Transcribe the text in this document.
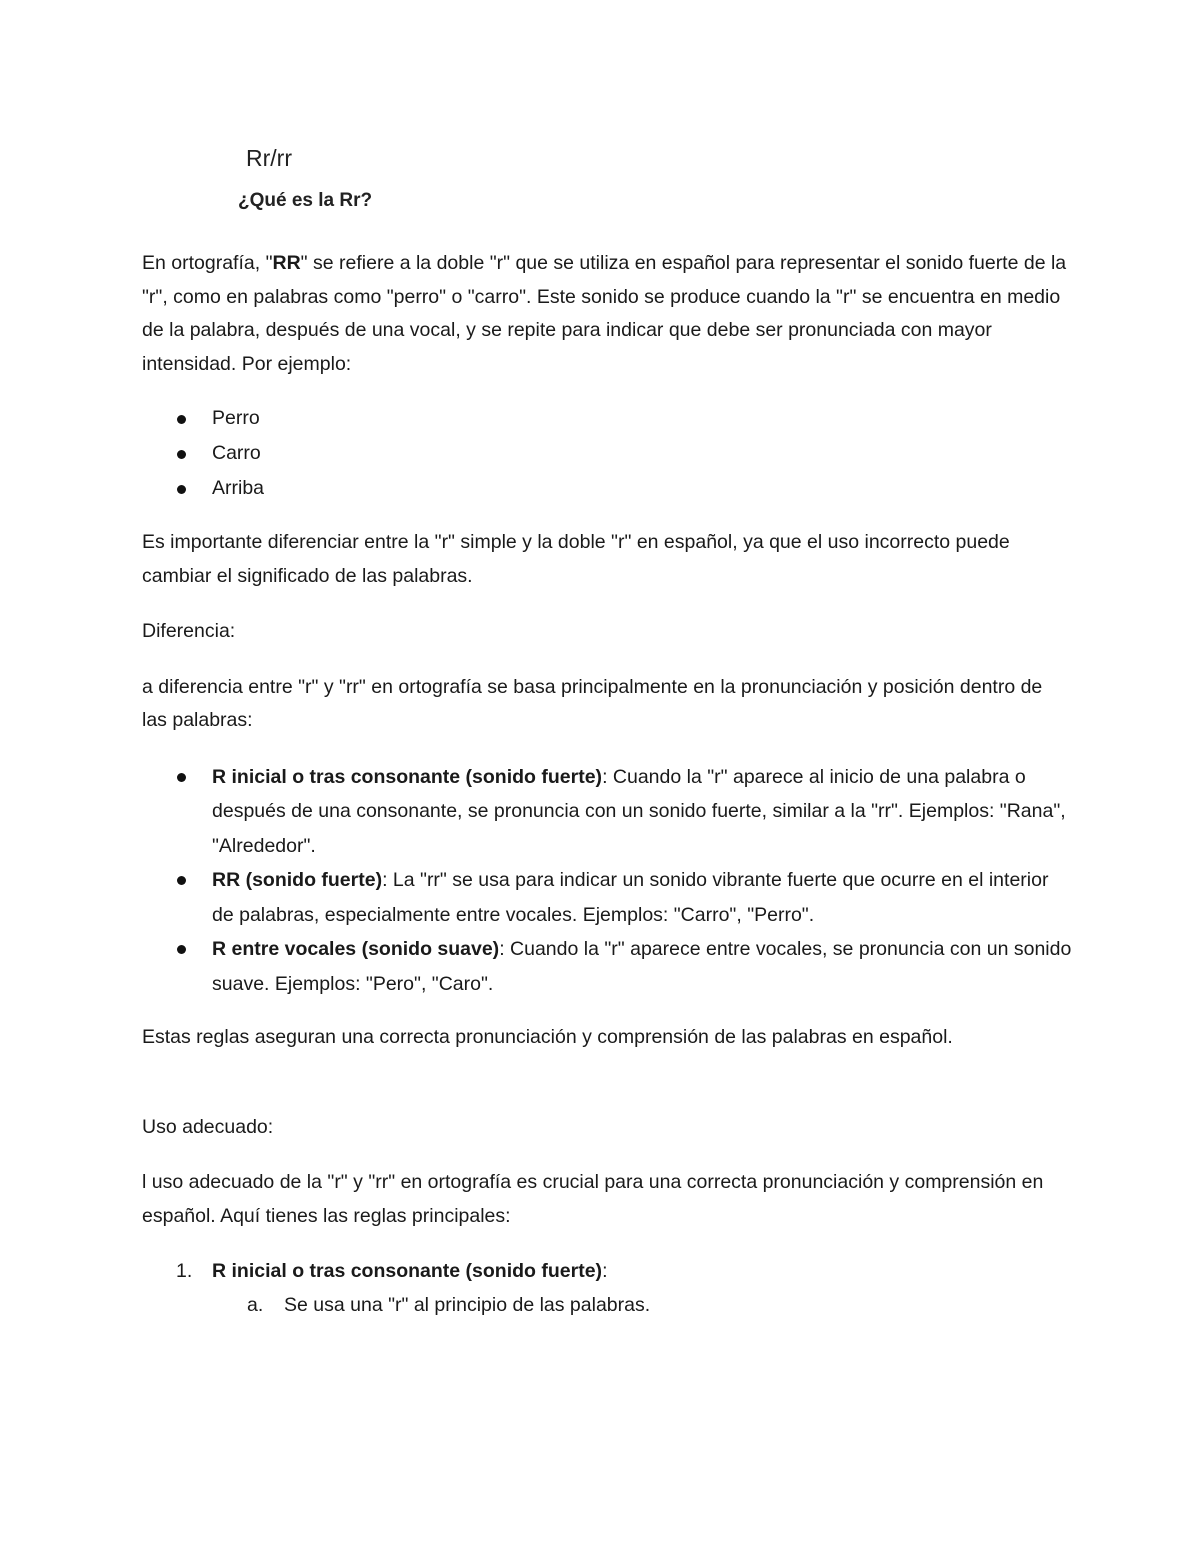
Rr/rr
¿Qué es la Rr?

En ortografía, "RR" se refiere a la doble "r" que se utiliza en español para representar el sonido fuerte de la "r", como en palabras como "perro" o "carro". Este sonido se produce cuando la "r" se encuentra en medio de la palabra, después de una vocal, y se repite para indicar que debe ser pronunciada con mayor intensidad. Por ejemplo:

Perro
Carro
Arriba

Es importante diferenciar entre la "r" simple y la doble "r" en español, ya que el uso incorrecto puede cambiar el significado de las palabras.

Diferencia:

a diferencia entre "r" y "rr" en ortografía se basa principalmente en la pronunciación y posición dentro de las palabras:

R inicial o tras consonante (sonido fuerte): Cuando la "r" aparece al inicio de una palabra o después de una consonante, se pronuncia con un sonido fuerte, similar a la "rr". Ejemplos: "Rana", "Alrededor".
RR (sonido fuerte): La "rr" se usa para indicar un sonido vibrante fuerte que ocurre en el interior de palabras, especialmente entre vocales. Ejemplos: "Carro", "Perro".
R entre vocales (sonido suave): Cuando la "r" aparece entre vocales, se pronuncia con un sonido suave. Ejemplos: "Pero", "Caro".

Estas reglas aseguran una correcta pronunciación y comprensión de las palabras en español.

Uso adecuado:

l uso adecuado de la "r" y "rr" en ortografía es crucial para una correcta pronunciación y comprensión en español. Aquí tienes las reglas principales:

1. R inicial o tras consonante (sonido fuerte):
a. Se usa una "r" al principio de las palabras.
